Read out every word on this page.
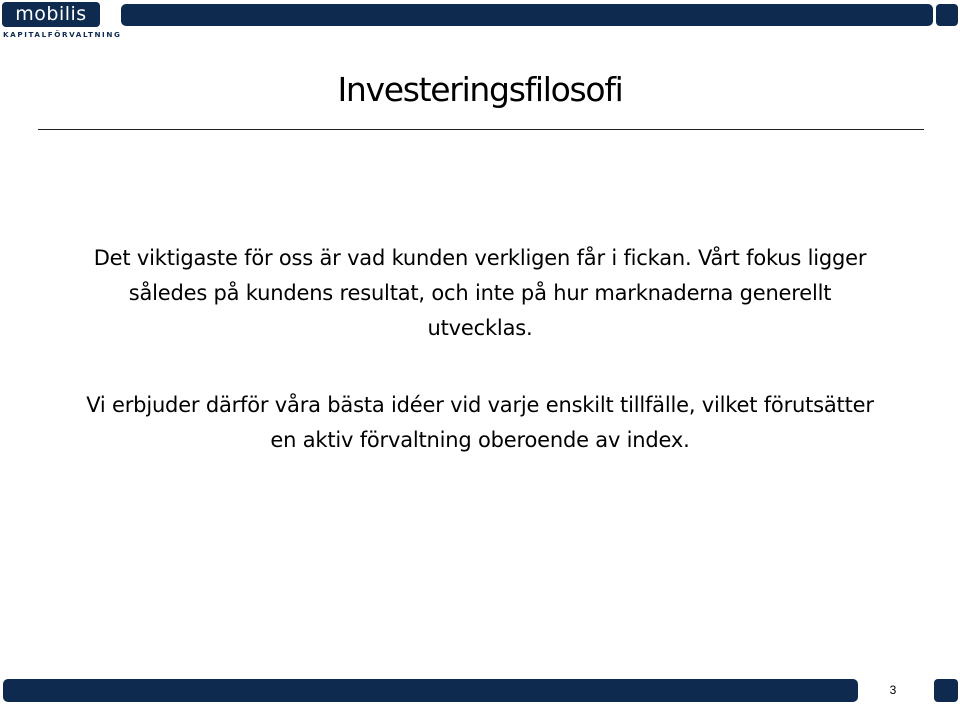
mobilis
KAPITALFÖRVALTNING
Investeringsfilosofi
Det viktigaste för oss är vad kunden verkligen får i fickan. Vårt fokus ligger således på kundens resultat, och inte på hur marknaderna generellt utvecklas.
Vi erbjuder därför våra bästa idéer vid varje enskilt tillfälle, vilket förutsätter en aktiv förvaltning oberoende av index.
3
